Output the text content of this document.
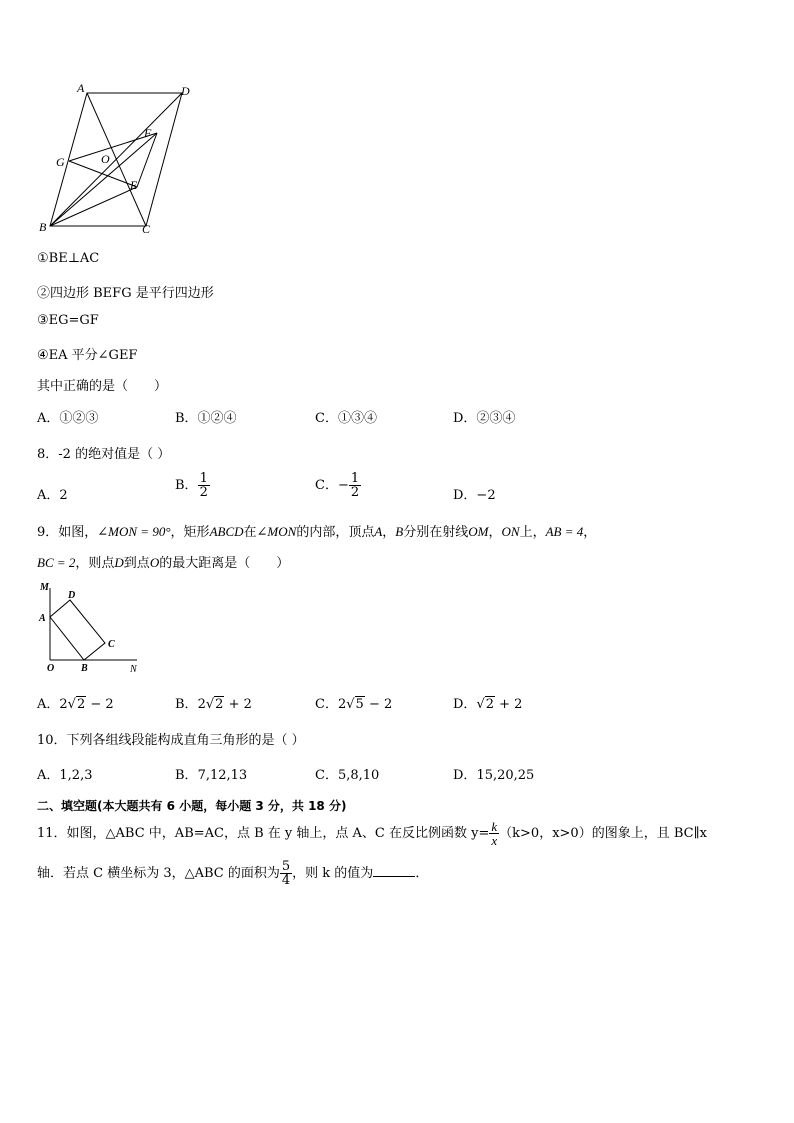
A	D
G	O
F
E
B	C
①BE⊥AC
②四边形 BEFG 是平行四边形
③EG=GF
④EA 平分∠GEF
其中正确的是（　　）
A．①②③	B．①②④	C．①③④	D．②③④
8．-2 的绝对值是（ ）
A．2
B． $\frac{1}{2}$	C．− $\frac{1}{2}$	D．−2
9．如图，∠MON = 90°，矩形ABCD在∠MON的内部，顶点A，B分别在射线OM，ON上，AB = 4，
BC = 2，则点D到点O的最大距离是（　　）
M
D
A
C
O	B	N
A．2√2 − 2	B．2√2 + 2	C．2√5 − 2	D．√2 + 2
10．下列各组线段能构成直角三角形的是（ ）
A．1,2,3	B．7,12,13	C．5,8,10	D．15,20,25
二、填空题(本大题共有 6 小题，每小题 3 分，共 18 分)
11．如图，△ABC 中，AB=AC，点 B 在 y 轴上，点 A、C 在反比例函数 $y= \frac{k}{x} (k>0$，x>0）的图象上，且 BC∥x
轴．若点 C 横坐标为 3，△ABC 的面积为 $\frac{5}{4}$ ，则 k 的值为	．
